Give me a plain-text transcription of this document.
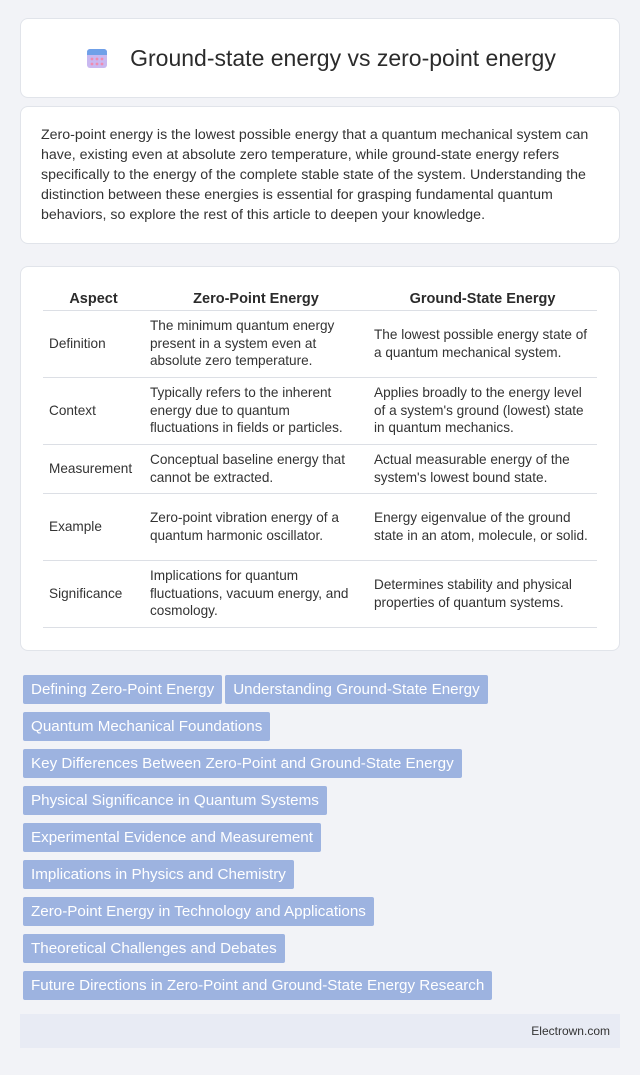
Ground-state energy vs zero-point energy

Zero-point energy is the lowest possible energy that a quantum mechanical system can have, existing even at absolute zero temperature, while ground-state energy refers specifically to the energy of the complete stable state of the system. Understanding the distinction between these energies is essential for grasping fundamental quantum behaviors, so explore the rest of this article to deepen your knowledge.

Aspect	Zero-Point Energy	Ground-State Energy
Definition	The minimum quantum energy present in a system even at absolute zero temperature.	The lowest possible energy state of a quantum mechanical system.
Context	Typically refers to the inherent energy due to quantum fluctuations in fields or particles.	Applies broadly to the energy level of a system's ground (lowest) state in quantum mechanics.
Measurement	Conceptual baseline energy that cannot be extracted.	Actual measurable energy of the system's lowest bound state.
Example	Zero-point vibration energy of a quantum harmonic oscillator.	Energy eigenvalue of the ground state in an atom, molecule, or solid.
Significance	Implications for quantum fluctuations, vacuum energy, and cosmology.	Determines stability and physical properties of quantum systems.
Defining Zero-Point Energy Understanding Ground-State Energy
Quantum Mechanical Foundations
Key Differences Between Zero-Point and Ground-State Energy
Physical Significance in Quantum Systems
Experimental Evidence and Measurement
Implications in Physics and Chemistry
Zero-Point Energy in Technology and Applications
Theoretical Challenges and Debates
Future Directions in Zero-Point and Ground-State Energy Research
Electrown.com
